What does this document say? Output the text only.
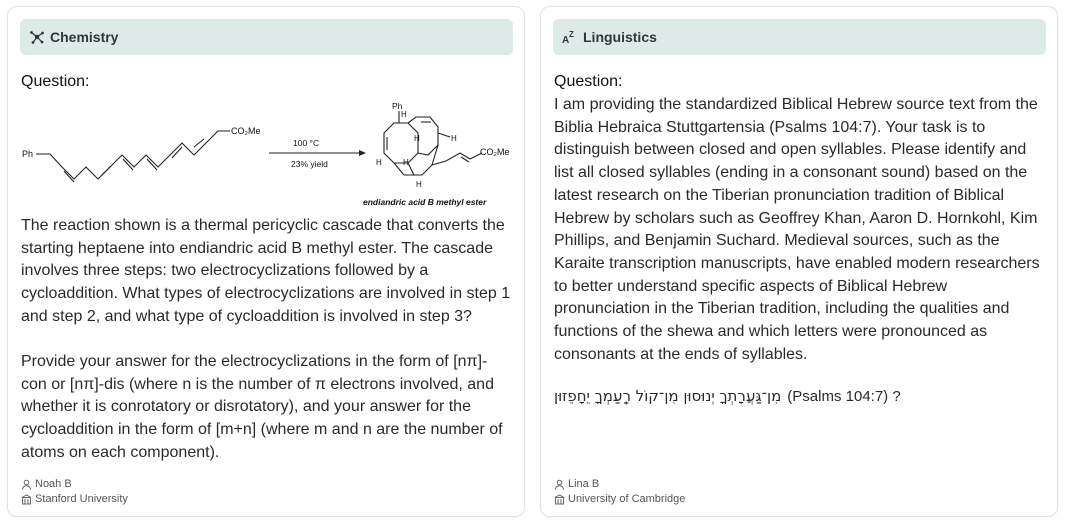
Chemistry
Question:
Ph
CO₂Me
100 °C
23% yield
Ph
H
H	H
H	H
H
CO₂Me
endiandric acid B methyl ester
The reaction shown is a thermal pericyclic cascade that converts the starting heptaene into endiandric acid B methyl ester. The cascade involves three steps: two electrocyclizations followed by a cycloaddition. What types of electrocyclizations are involved in step 1 and step 2, and what type of cycloaddition is involved in step 3?
Provide your answer for the electrocyclizations in the form of [nπ]-con or [nπ]-dis (where n is the number of π electrons involved, and whether it is conrotatory or disrotatory), and your answer for the cycloaddition in the form of [m+n] (where m and n are the number of atoms on each component).
Noah B
Stanford University
A
Z Linguistics
Question:
I am providing the standardized Biblical Hebrew source text from the Biblia Hebraica Stuttgartensia (Psalms 104:7). Your task is to distinguish between closed and open syllables. Please identify and list all closed syllables (ending in a consonant sound) based on the latest research on the Tiberian pronunciation tradition of Biblical Hebrew by scholars such as Geoffrey Khan, Aaron D. Hornkohl, Kim Phillips, and Benjamin Suchard. Medieval sources, such as the Karaite transcription manuscripts, have enabled modern researchers to better understand specific aspects of Biblical Hebrew pronunciation in the Tiberian tradition, including the qualities and functions of the shewa and which letters were pronounced as consonants at the ends of syllables.
מִן־גַּעֲרָתְךָ יְנוּסוּן מִן־קוֹל רַֽעַמְךָ יֵחָפֵזוּן (Psalms 104:7) ?
Lina B
University of Cambridge
